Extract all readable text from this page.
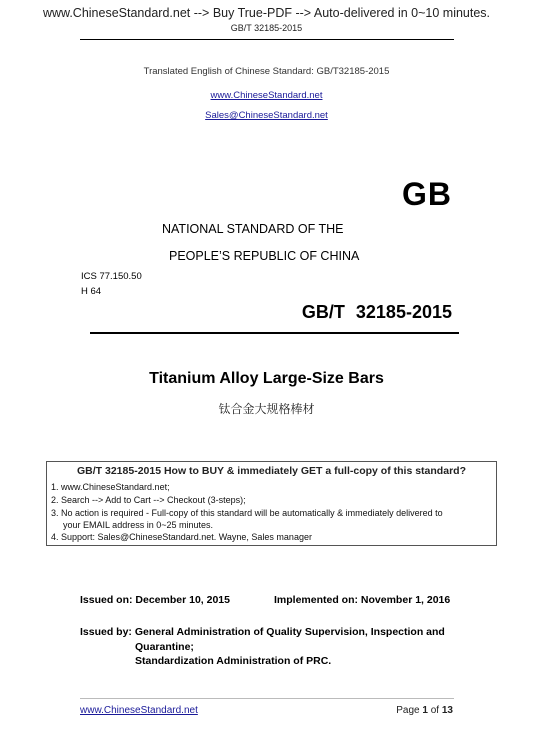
www.ChineseStandard.net --> Buy True-PDF --> Auto-delivered in 0~10 minutes.
GB/T 32185-2015
Translated English of Chinese Standard: GB/T32185-2015
www.ChineseStandard.net
Sales@ChineseStandard.net
GB
NATIONAL STANDARD OF THE
PEOPLE’S REPUBLIC OF CHINA
ICS 77.150.50
H 64
GB/T 32185-2015
Titanium Alloy Large-Size Bars
钛合金大规格棒材
GB/T 32185-2015 How to BUY & immediately GET a full-copy of this standard?
1. www.ChineseStandard.net;
2. Search --> Add to Cart --> Checkout (3-steps);
3. No action is required - Full-copy of this standard will be automatically & immediately delivered to
your EMAIL address in 0~25 minutes.
4. Support: Sales@ChineseStandard.net. Wayne, Sales manager
Issued on: December 10, 2015	Implemented on: November 1, 2016
Issued by: General Administration of Quality Supervision, Inspection and
Quarantine;
Standardization Administration of PRC.
www.ChineseStandard.net	Page 1 of 13
